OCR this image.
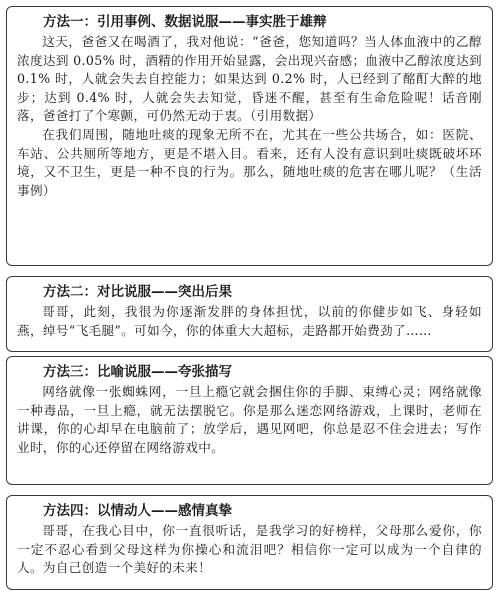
方法一：引用事例、数据说服——事实胜于雄辩

这天，爸爸又在喝酒了，我对他说：“爸爸，您知道吗？当人体血液中的乙醇浓度达到 0.05% 时，酒精的作用开始显露，会出现兴奋感；血液中乙醇浓度达到 0.1% 时，人就会失去自控能力；如果达到 0.2% 时，人已经到了酩酊大醉的地步；达到 0.4% 时，人就会失去知觉，昏迷不醒，甚至有生命危险呢！话音刚落，爸爸打了个寒颤，可仍然无动于衷。（引用数据）

在我们周围，随地吐痰的现象无所不在，尤其在一些公共场合，如：医院、车站、公共厕所等地方，更是不堪入目。看来，还有人没有意识到吐痰既破坏环境，又不卫生，更是一种不良的行为。那么，随地吐痰的危害在哪儿呢？（生活事例）

方法二：对比说服——突出后果

哥哥，此刻，我很为你逐渐发胖的身体担忧，以前的你健步如飞、身轻如燕，绰号“飞毛腿”。可如今，你的体重大大超标，走路都开始费劲了……

方法三：比喻说服——夸张描写

网络就像一张蜘蛛网，一旦上瘾它就会捆住你的手脚、束缚心灵；网络就像一种毒品，一旦上瘾，就无法摆脱它。你是那么迷恋网络游戏，上课时，老师在讲课，你的心却早在电脑前了；放学后，遇见网吧，你总是忍不住会进去；写作业时，你的心还停留在网络游戏中。

方法四：以情动人——感情真挚

哥哥，在我心目中，你一直很听话，是我学习的好榜样，父母那么爱你，你一定不忍心看到父母这样为你操心和流泪吧？相信你一定可以成为一个自律的人。为自己创造一个美好的未来！
